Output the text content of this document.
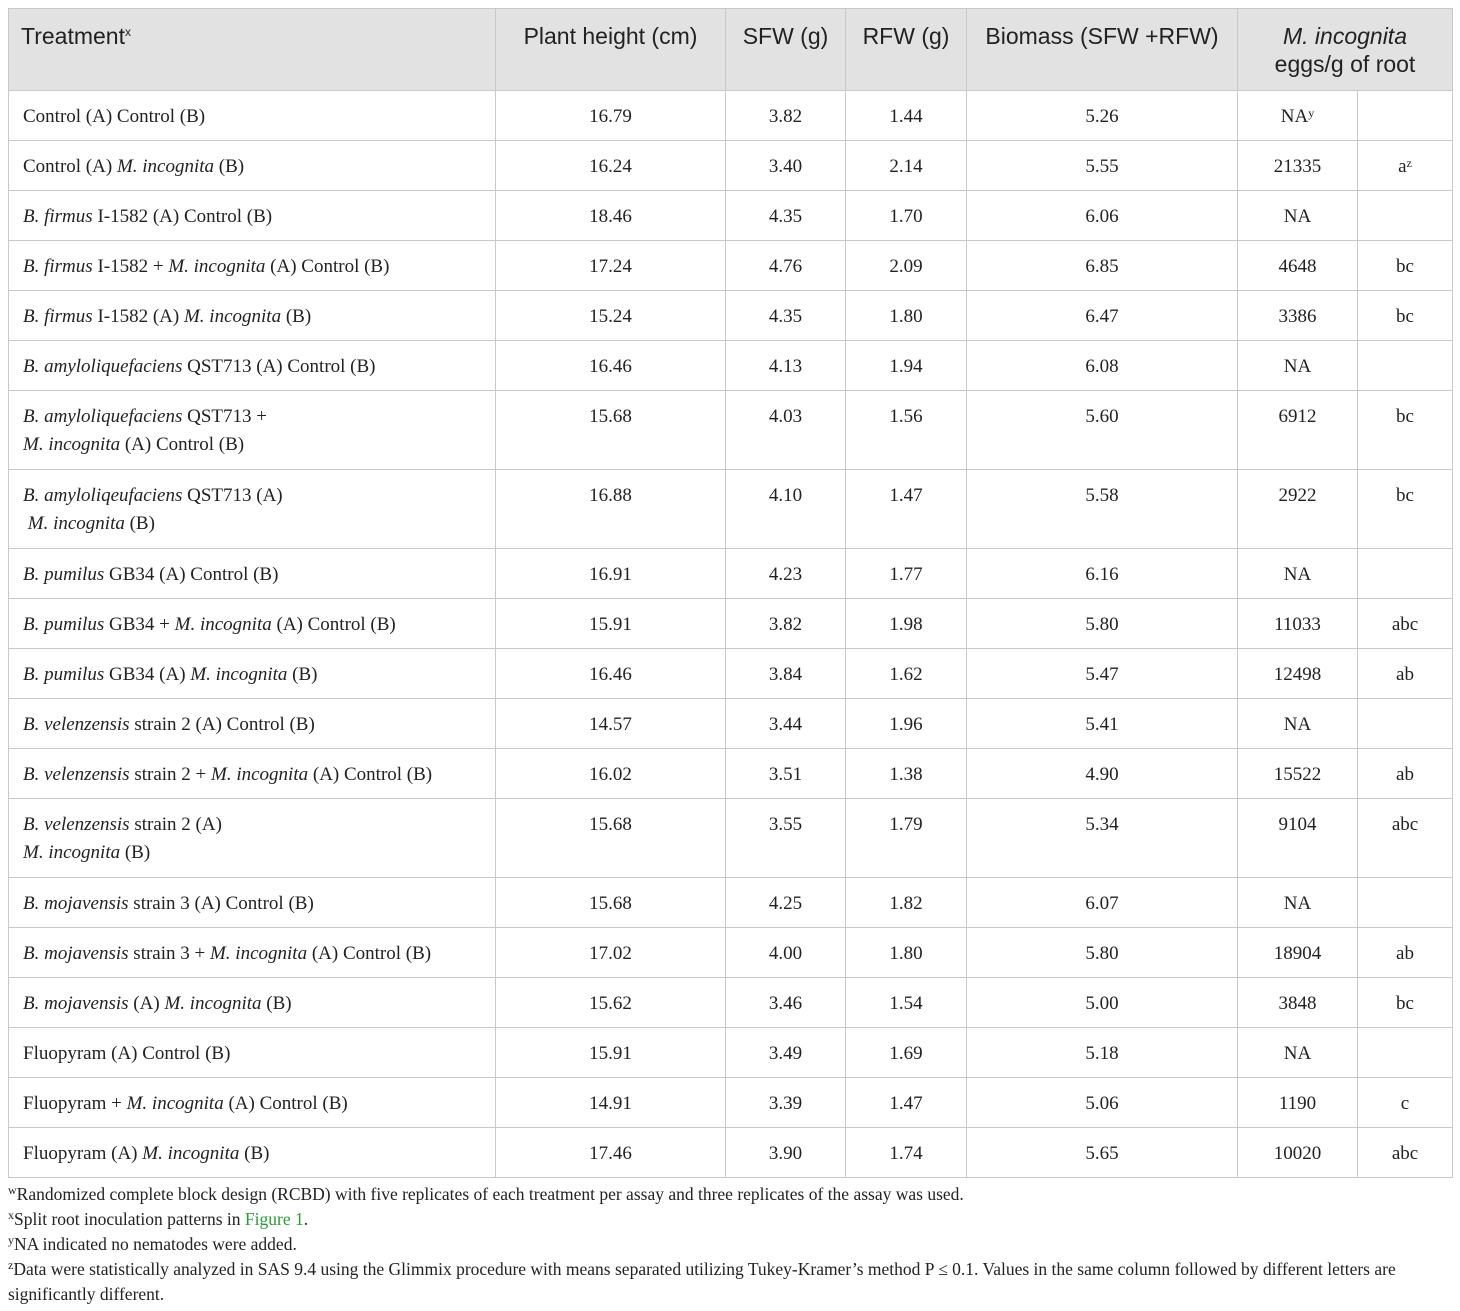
Treatment$^x$	Plant height (cm)	SFW (g)	RFW (g)	Biomass (SFW +RFW)	M. incognita
eggs/g of root	
Control (A) Control (B)	16.79	3.82	1.44	5.26	$NA^y$	
Control (A) M. incognita (B)	16.24	3.40	2.14	5.55	21335	$a^z$
B. firmus I-1582 (A) Control (B)	18.46	4.35	1.70	6.06	NA	
B. firmus I-1582 + M. incognita (A) Control (B)	17.24	4.76	2.09	6.85	4648	bc
B. firmus I-1582 (A) M. incognita (B)	15.24	4.35	1.80	6.47	3386	bc
B. amyloliquefaciens QST713 (A) Control (B)	16.46	4.13	1.94	6.08	NA	
B. amyloliquefaciens QST713 +
M. incognita (A) Control (B)	15.68	4.03	1.56	5.60	6912	bc
B. amyloliqeufaciens QST713 (A)
M. incognita (B)	16.88	4.10	1.47	5.58	2922	bc
B. pumilus GB34 (A) Control (B)	16.91	4.23	1.77	6.16	NA	
B. pumilus GB34 + M. incognita (A) Control (B)	15.91	3.82	1.98	5.80	11033	abc
B. pumilus GB34 (A) M. incognita (B)	16.46	3.84	1.62	5.47	12498	ab
B. velenzensis strain 2 (A) Control (B)	14.57	3.44	1.96	5.41	NA	
B. velenzensis strain 2 + M. incognita (A) Control (B)	16.02	3.51	1.38	4.90	15522	ab
B. velenzensis strain 2 (A)
M. incognita (B)	15.68	3.55	1.79	5.34	9104	abc
B. mojavensis strain 3 (A) Control (B)	15.68	4.25	1.82	6.07	NA	
B. mojavensis strain 3 + M. incognita (A) Control (B)	17.02	4.00	1.80	5.80	18904	ab
B. mojavensis (A) M. incognita (B)	15.62	3.46	1.54	5.00	3848	bc
Fluopyram (A) Control (B)	15.91	3.49	1.69	5.18	NA	
Fluopyram + M. incognita (A) Control (B)	14.91	3.39	1.47	5.06	1190	c
Fluopyram (A) M. incognita (B)	17.46	3.90	1.74	5.65	10020	abc

$^w$Randomized complete block design (RCBD) with five replicates of each treatment per assay and three replicates of the assay was used.

$^x$Split root inoculation patterns in Figure 1.

$^y$NA indicated no nematodes were added.

$^z$Data were statistically analyzed in SAS 9.4 using the Glimmix procedure with means separated utilizing Tukey-Kramer’s method P ≤ 0.1. Values in the same column followed by different letters are significantly different.
